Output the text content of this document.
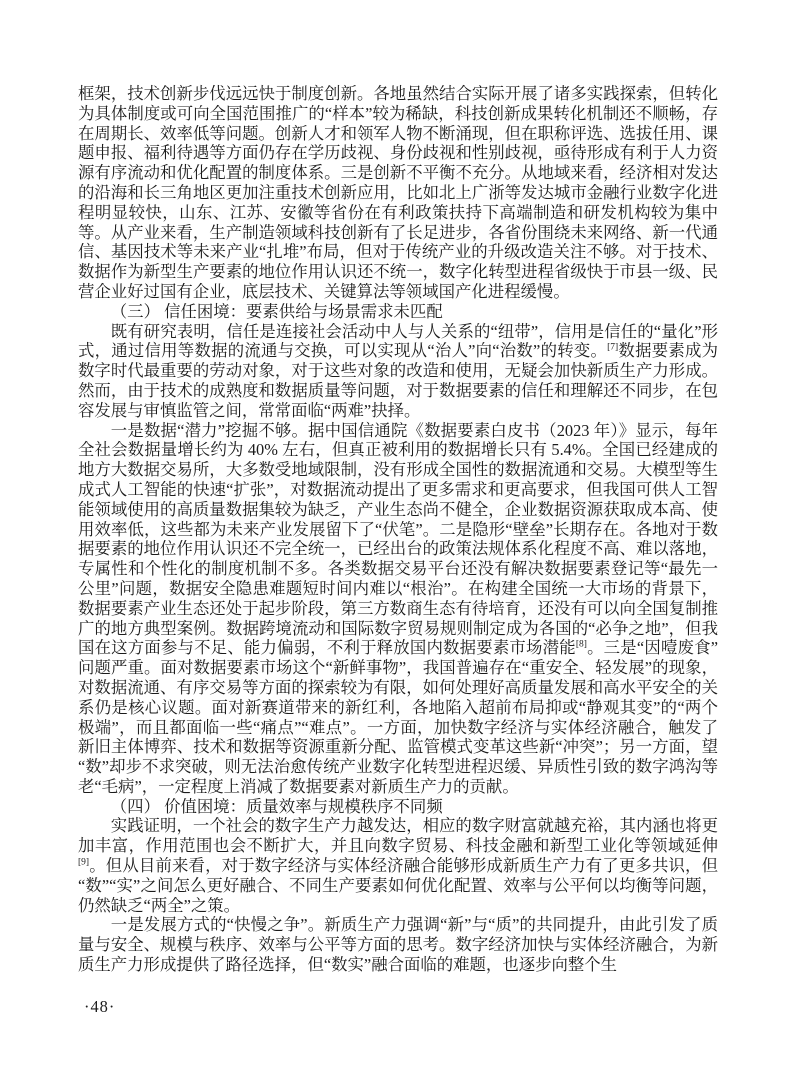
框架，技术创新步伐远远快于制度创新。各地虽然结合实际开展了诸多实践探索，但转化为具体制度或可向全国范围推广的“样本”较为稀缺，科技创新成果转化机制还不顺畅，存在周期长、效率低等问题。创新人才和领军人物不断涌现，但在职称评选、选拔任用、课题申报、福利待遇等方面仍存在学历歧视、身份歧视和性别歧视，亟待形成有利于人力资源有序流动和优化配置的制度体系。三是创新不平衡不充分。从地域来看，经济相对发达的沿海和长三角地区更加注重技术创新应用，比如北上广浙等发达城市金融行业数字化进程明显较快，山东、江苏、安徽等省份在有利政策扶持下高端制造和研发机构较为集中等。从产业来看，生产制造领域科技创新有了长足进步，各省份围绕未来网络、新一代通信、基因技术等未来产业“扎堆”布局，但对于传统产业的升级改造关注不够。对于技术、数据作为新型生产要素的地位作用认识还不统一，数字化转型进程省级快于市县一级、民营企业好过国有企业，底层技术、关键算法等领域国产化进程缓慢。

（三） 信任困境：要素供给与场景需求未匹配

既有研究表明，信任是连接社会活动中人与人关系的“纽带”，信用是信任的“量化”形式，通过信用等数据的流通与交换，可以实现从“治人”向“治数”的转变。[7]数据要素成为数字时代最重要的劳动对象，对于这些对象的改造和使用，无疑会加快新质生产力形成。然而，由于技术的成熟度和数据质量等问题，对于数据要素的信任和理解还不同步，在包容发展与审慎监管之间，常常面临“两难”抉择。

一是数据“潜力”挖掘不够。据中国信通院《数据要素白皮书（2023 年）》显示，每年全社会数据量增长约为 40% 左右，但真正被利用的数据增长只有 5.4%。全国已经建成的地方大数据交易所，大多数受地域限制，没有形成全国性的数据流通和交易。大模型等生成式人工智能的快速“扩张”，对数据流动提出了更多需求和更高要求，但我国可供人工智能领域使用的高质量数据集较为缺乏，产业生态尚不健全，企业数据资源获取成本高、使用效率低，这些都为未来产业发展留下了“伏笔”。二是隐形“壁垒”长期存在。各地对于数据要素的地位作用认识还不完全统一，已经出台的政策法规体系化程度不高、难以落地，专属性和个性化的制度机制不多。各类数据交易平台还没有解决数据要素登记等“最先一公里”问题，数据安全隐患难题短时间内难以“根治”。在构建全国统一大市场的背景下，数据要素产业生态还处于起步阶段，第三方数商生态有待培育，还没有可以向全国复制推广的地方典型案例。数据跨境流动和国际数字贸易规则制定成为各国的“必争之地”，但我国在这方面参与不足、能力偏弱，不利于释放国内数据要素市场潜能[8]。三是“因噎废食”问题严重。面对数据要素市场这个“新鲜事物”，我国普遍存在“重安全、轻发展”的现象，对数据流通、有序交易等方面的探索较为有限，如何处理好高质量发展和高水平安全的关系仍是核心议题。面对新赛道带来的新红利，各地陷入超前布局抑或“静观其变”的“两个极端”，而且都面临一些“痛点”“难点”。一方面，加快数字经济与实体经济融合，触发了新旧主体博弈、技术和数据等资源重新分配、监管模式变革这些新“冲突”；另一方面，望“数”却步不求突破，则无法治愈传统产业数字化转型进程迟缓、异质性引致的数字鸿沟等老“毛病”，一定程度上消减了数据要素对新质生产力的贡献。

（四） 价值困境：质量效率与规模秩序不同频

实践证明，一个社会的数字生产力越发达，相应的数字财富就越充裕，其内涵也将更加丰富，作用范围也会不断扩大，并且向数字贸易、科技金融和新型工业化等领域延伸[9]。但从目前来看，对于数字经济与实体经济融合能够形成新质生产力有了更多共识，但“数”“实”之间怎么更好融合、不同生产要素如何优化配置、效率与公平何以均衡等问题，仍然缺乏“两全”之策。

一是发展方式的“快慢之争”。新质生产力强调“新”与“质”的共同提升，由此引发了质量与安全、规模与秩序、效率与公平等方面的思考。数字经济加快与实体经济融合，为新质生产力形成提供了路径选择，但“数实”融合面临的难题，也逐步向整个生

·48·
